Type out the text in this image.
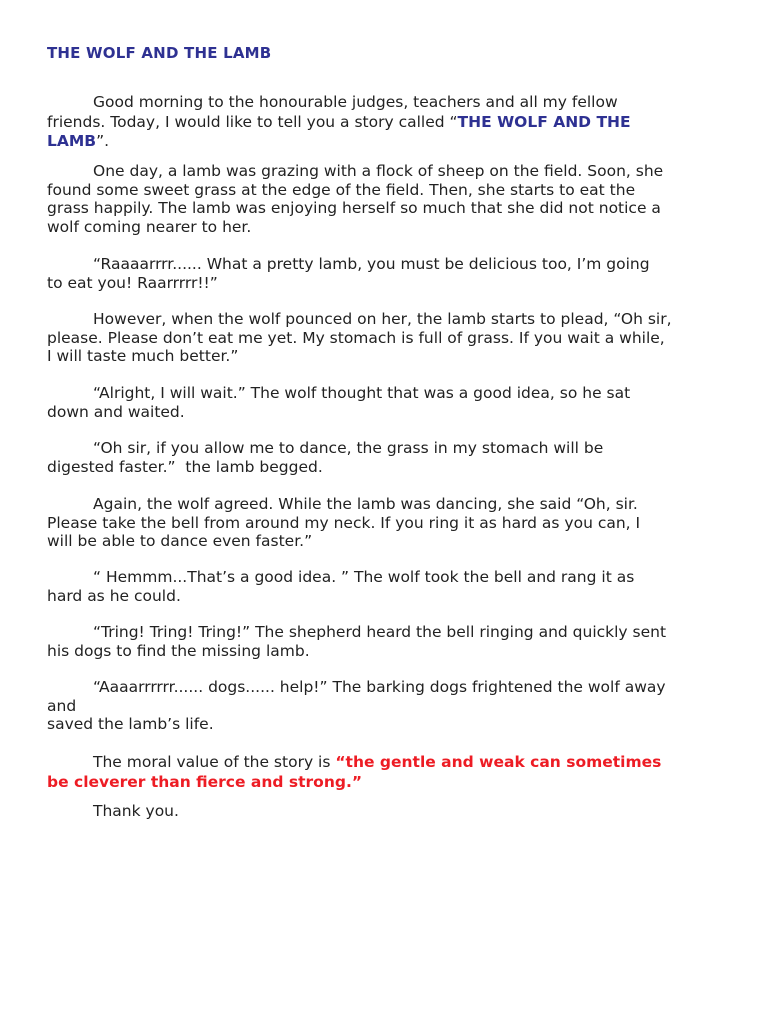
THE WOLF AND THE LAMB
Good morning to the honourable judges, teachers and all my fellow
friends. Today, I would like to tell you a story called “THE WOLF AND THE
LAMB”.
One day, a lamb was grazing with a flock of sheep on the field. Soon, she
found some sweet grass at the edge of the field. Then, she starts to eat the
grass happily. The lamb was enjoying herself so much that she did not notice a
wolf coming nearer to her.
“Raaaarrrr...... What a pretty lamb, you must be delicious too, I’m going
to eat you! Raarrrrr!!”
However, when the wolf pounced on her, the lamb starts to plead, “Oh sir,
please. Please don’t eat me yet. My stomach is full of grass. If you wait a while,
I will taste much better.”
“Alright, I will wait.” The wolf thought that was a good idea, so he sat
down and waited.
“Oh sir, if you allow me to dance, the grass in my stomach will be
digested faster.”  the lamb begged.
Again, the wolf agreed. While the lamb was dancing, she said “Oh, sir.
Please take the bell from around my neck. If you ring it as hard as you can, I
will be able to dance even faster.”
“ Hemmm...That’s a good idea. ” The wolf took the bell and rang it as
hard as he could.
“Tring! Tring! Tring!” The shepherd heard the bell ringing and quickly sent
his dogs to find the missing lamb.
“Aaaarrrrrr...... dogs...... help!” The barking dogs frightened the wolf away
and
saved the lamb’s life.
The moral value of the story is “the gentle and weak can sometimes
be cleverer than fierce and strong.”
Thank you.
